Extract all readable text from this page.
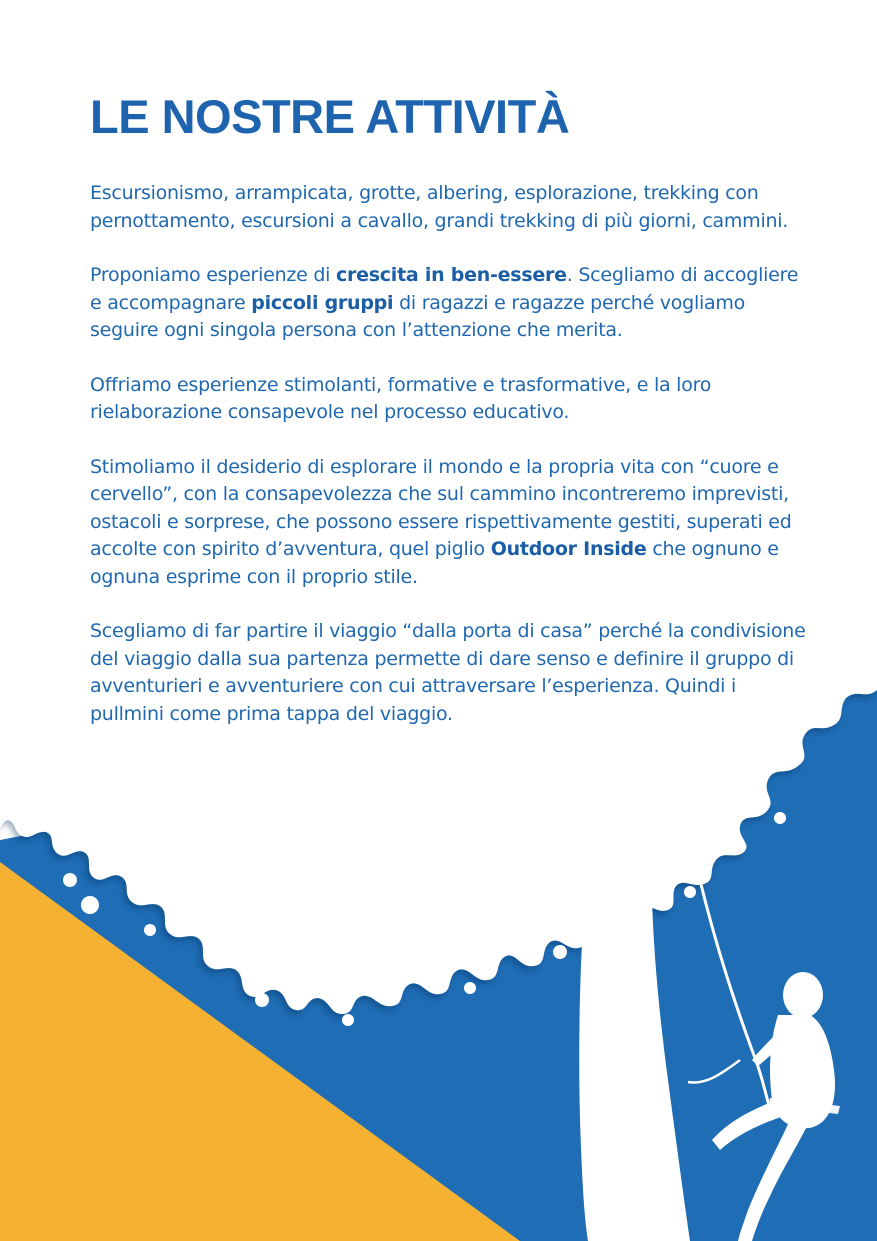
LE NOSTRE ATTIVITÀ

Escursionismo, arrampicata, grotte, albering, esplorazione, trekking con pernottamento, escursioni a cavallo, grandi trekking di più giorni, cammini.

Proponiamo esperienze di crescita in ben-essere. Scegliamo di accogliere e accompagnare piccoli gruppi di ragazzi e ragazze perché vogliamo seguire ogni singola persona con l’attenzione che merita.

Offriamo esperienze stimolanti, formative e trasformative, e la loro rielaborazione consapevole nel processo educativo.

Stimoliamo il desiderio di esplorare il mondo e la propria vita con “cuore e cervello”, con la consapevolezza che sul cammino incontreremo imprevisti, ostacoli e sorprese, che possono essere rispettivamente gestiti, superati ed accolte con spirito d’avventura, quel piglio Outdoor Inside che ognuno e ognuna esprime con il proprio stile.

Scegliamo di far partire il viaggio “dalla porta di casa” perché la condivisione del viaggio dalla sua partenza permette di dare senso e definire il gruppo di avventurieri e avventuriere con cui attraversare l’esperienza. Quindi i pullmini come prima tappa del viaggio.
